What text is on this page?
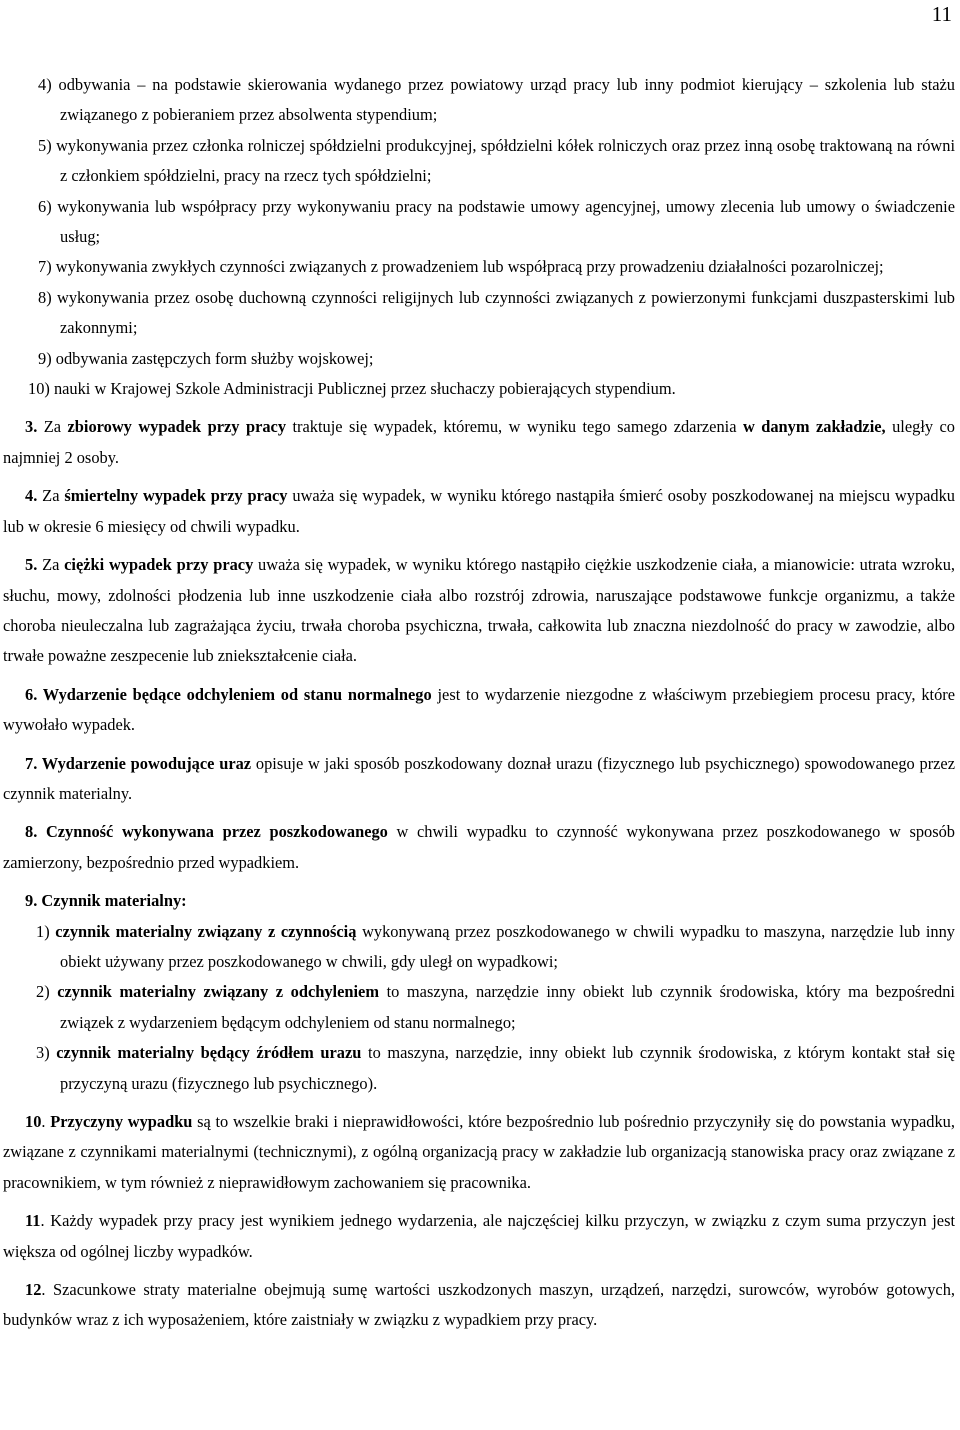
11

4) odbywania – na podstawie skierowania wydanego przez powiatowy urząd pracy lub inny podmiot kierujący – szkolenia lub stażu związanego z pobieraniem przez absolwenta stypendium;

5) wykonywania przez członka rolniczej spółdzielni produkcyjnej, spółdzielni kółek rolniczych oraz przez inną osobę traktowaną na równi z członkiem spółdzielni, pracy na rzecz tych spółdzielni;

6) wykonywania lub współpracy przy wykonywaniu pracy na podstawie umowy agencyjnej, umowy zlecenia lub umowy o świadczenie usług;

7) wykonywania zwykłych czynności związanych z prowadzeniem lub współpracą przy prowadzeniu działalności pozarolniczej;

8) wykonywania przez osobę duchowną czynności religijnych lub czynności związanych z powierzonymi funkcjami duszpasterskimi lub zakonnymi;

9) odbywania zastępczych form służby wojskowej;

10) nauki w Krajowej Szkole Administracji Publicznej przez słuchaczy pobierających stypendium.

3. Za zbiorowy wypadek przy pracy traktuje się wypadek, któremu, w wyniku tego samego zdarzenia w danym zakładzie, uległy co najmniej 2 osoby.

4. Za śmiertelny wypadek przy pracy uważa się wypadek, w wyniku którego nastąpiła śmierć osoby poszkodowanej na miejscu wypadku lub w okresie 6 miesięcy od chwili wypadku.

5. Za ciężki wypadek przy pracy uważa się wypadek, w wyniku którego nastąpiło ciężkie uszkodzenie ciała, a mianowicie: utrata wzroku, słuchu, mowy, zdolności płodzenia lub inne uszkodzenie ciała albo rozstrój zdrowia, naruszające podstawowe funkcje organizmu, a także choroba nieuleczalna lub zagrażająca życiu, trwała choroba psychiczna, trwała, całkowita lub znaczna niezdolność do pracy w zawodzie, albo trwałe poważne zeszpecenie lub zniekształcenie ciała.

6. Wydarzenie będące odchyleniem od stanu normalnego jest to wydarzenie niezgodne z właściwym przebiegiem procesu pracy, które wywołało wypadek.

7. Wydarzenie powodujące uraz opisuje w jaki sposób poszkodowany doznał urazu (fizycznego lub psychicznego) spowodowanego przez czynnik materialny.

8. Czynność wykonywana przez poszkodowanego w chwili wypadku to czynność wykonywana przez poszkodowanego w sposób zamierzony, bezpośrednio przed wypadkiem.

9. Czynnik materialny:

1) czynnik materialny związany z czynnością wykonywaną przez poszkodowanego w chwili wypadku to maszyna, narzędzie lub inny obiekt używany przez poszkodowanego w chwili, gdy uległ on wypadkowi;

2) czynnik materialny związany z odchyleniem to maszyna, narzędzie inny obiekt lub czynnik środowiska, który ma bezpośredni związek z wydarzeniem będącym odchyleniem od stanu normalnego;

3) czynnik materialny będący źródłem urazu to maszyna, narzędzie, inny obiekt lub czynnik środowiska, z którym kontakt stał się przyczyną urazu (fizycznego lub psychicznego).

10. Przyczyny wypadku są to wszelkie braki i nieprawidłowości, które bezpośrednio lub pośrednio przyczyniły się do powstania wypadku, związane z czynnikami materialnymi (technicznymi), z ogólną organizacją pracy w zakładzie lub organizacją stanowiska pracy oraz związane z pracownikiem, w tym również z nieprawidłowym zachowaniem się pracownika.

11. Każdy wypadek przy pracy jest wynikiem jednego wydarzenia, ale najczęściej kilku przyczyn, w związku z czym suma przyczyn jest większa od ogólnej liczby wypadków.

12. Szacunkowe straty materialne obejmują sumę wartości uszkodzonych maszyn, urządzeń, narzędzi, surowców, wyrobów gotowych, budynków wraz z ich wyposażeniem, które zaistniały w związku z wypadkiem przy pracy.
